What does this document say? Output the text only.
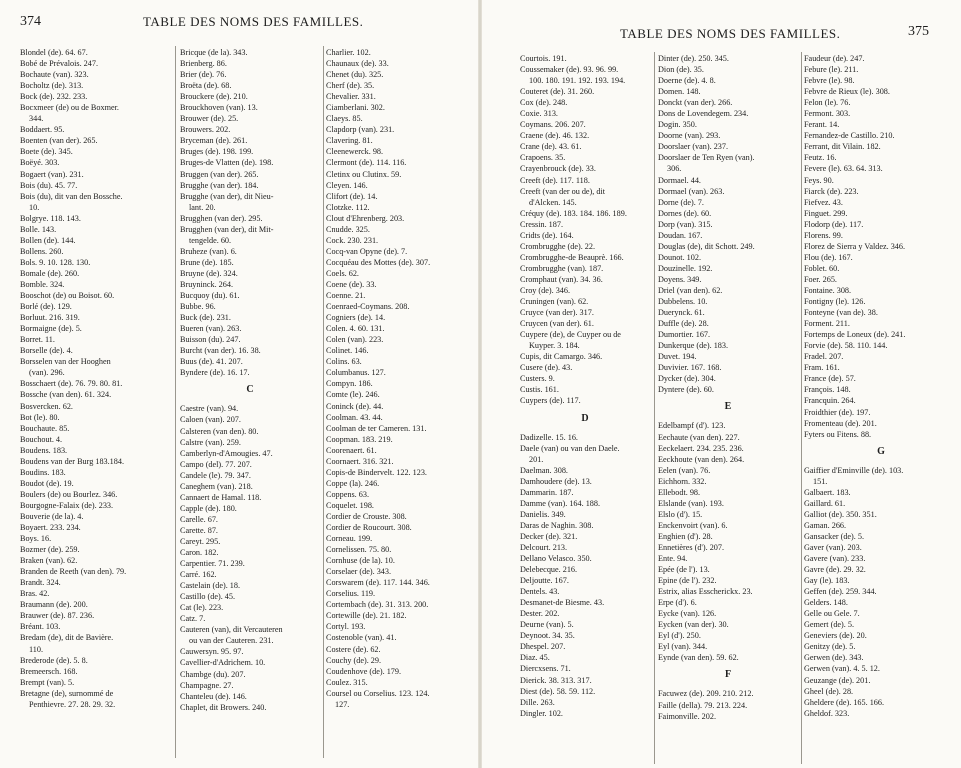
374	TABLE DES NOMS DES FAMILLES.
Blondel (de). 64. 67.
Bobé de Prévalois. 247.
Bochaute (van). 323.
Bocholtz (de). 313.
Bock (de). 232. 233.
Bocxmeer (de) ou de Boxmer.
344.
Boddaert. 95.
Boenten (van der). 265.
Boete (de). 345.
Boëyé. 303.
Bogaert (van). 231.
Bois (du). 45. 77.
Bois (du), dit van den Bossche.
10.
Bolgrye. 118. 143.
Bolle. 143.
Bollen (de). 144.
Bollens. 260.
Bols. 9. 10. 128. 130.
Bomale (de). 260.
Bomble. 324.
Booschot (de) ou Boisot. 60.
Borlé (de). 129.
Borluut. 216. 319.
Bormaigne (de). 5.
Borret. 11.
Borselle (de). 4.
Borsselen van der Hooghen
(van). 296.
Bosschaert (de). 76. 79. 80. 81.
Bossche (van den). 61. 324.
Bosvercken. 62.
Bot (le). 80.
Bouchaute. 85.
Bouchout. 4.
Boudens. 183.
Boudens van der Burg 183.184.
Boudins. 183.
Boudot (de). 19.
Boulers (de) ou Bourlez. 346.
Bourgogne-Falaix (de). 233.
Bouverie (de la). 4.
Boyaert. 233. 234.
Boys. 16.
Bozmer (de). 259.
Braken (van). 62.
Branden de Reeth (van den). 79.
Brandt. 324.
Bras. 42.
Braumann (de). 200.
Brauwer (de). 87. 236.
Bréant. 103.
Bredam (de), dit de Bavière.
110.
Brederode (de). 5. 8.
Bremeersch. 168.
Brempt (van). 5.
Bretagne (de), surnommé de
Penthievre. 27. 28. 29. 32.
Bricque (de la). 343.
Brienberg. 86.
Brier (de). 76.
Broëta (de). 68.
Brouckere (de). 210.
Brouckhoven (van). 13.
Brouwer (de). 25.
Brouwers. 202.
Bryceman (de). 261.
Bruges (de). 198. 199.
Bruges-de Vlatten (de). 198.
Bruggen (van der). 265.
Brugghe (van der). 184.
Brugghe (van der), dit Nieu-
lant. 20.
Brugghen (van der). 295.
Brugghen (van der), dit Mit-
tengelde. 60.
Bruheze (van). 6.
Brune (de). 185.
Bruyne (de). 324.
Bruyninck. 264.
Bucquoy (du). 61.
Bubbe. 96.
Buck (de). 231.
Bueren (van). 263.
Buisson (du). 247.
Burcht (van der). 16. 38.
Buus (de). 41. 207.
Byndere (de). 16. 17.
C
Caestre (van). 94.
Caloen (van). 207.
Calsteren (van den). 80.
Calstre (van). 259.
Camberlyn-d'Amougies. 47.
Campo (del). 77. 207.
Candele (le). 79. 347.
Caneghem (van). 218.
Cannaert de Hamal. 118.
Capple (de). 180.
Carelle. 67.
Carette. 87.
Careyt. 295.
Caron. 182.
Carpentier. 71. 239.
Carré. 162.
Castelain (de). 18.
Castillo (de). 45.
Cat (le). 223.
Catz. 7.
Cauteren (van), dit Vercauteren
ou van der Cauteren. 231.
Cauwersyn. 95. 97.
Cavellier-d'Adrichem. 10.
Chambge (du). 207.
Champagne. 27.
Chanteleu (de). 146.
Chaplet, dit Browers. 240.
Charlier. 102.
Chaunaux (de). 33.
Chenet (du). 325.
Cherf (de). 35.
Chevalier. 331.
Ciamberlani. 302.
Claeys. 85.
Clapdorp (van). 231.
Clavering. 81.
Cleenewerck. 98.
Clermont (de). 114. 116.
Cletinx ou Clutinx. 59.
Cleyen. 146.
Clifort (de). 14.
Clotzke. 112.
Clout d'Ehrenberg. 203.
Cnudde. 325.
Cock. 230. 231.
Cocq-van Opyne (de). 7.
Cocquéau des Mottes (de). 307.
Coels. 62.
Coene (de). 33.
Coenne. 21.
Coenraed-Coymans. 208.
Cogniers (de). 14.
Colen. 4. 60. 131.
Colen (van). 223.
Colinet. 146.
Colins. 63.
Columbanus. 127.
Compyn. 186.
Comte (le). 246.
Coninck (de). 44.
Coolman. 43. 44.
Coolman de ter Cameren. 131.
Coopman. 183. 219.
Coorenaert. 61.
Coornaert. 316. 321.
Copis-de Bindervelt. 122. 123.
Coppe (la). 246.
Coppens. 63.
Coquelet. 198.
Cordier de Crouste. 308.
Cordier de Roucourt. 308.
Corneau. 199.
Cornelissen. 75. 80.
Cornhuse (de la). 10.
Corselaer (de). 343.
Corswarem (de). 117. 144. 346.
Corselius. 119.
Cortembach (de). 31. 313. 200.
Cortewille (de). 21. 182.
Cortyl. 193.
Costenoble (van). 41.
Costere (de). 62.
Couchy (de). 29.
Coudenhove (de). 179.
Coulez. 315.
Coursel ou Corselius. 123. 124.
127.
TABLE DES NOMS DES FAMILLES.	375
Courtois. 191.
Coussemaker (de). 93. 96. 99.
100. 180. 191. 192. 193. 194.
Couteret (de). 31. 260.
Cox (de). 248.
Coxie. 313.
Coymans. 206. 207.
Craene (de). 46. 132.
Crane (de). 43. 61.
Crapoens. 35.
Crayenbrouck (de). 33.
Creeft (de). 117. 118.
Creeft (van der ou de), dit
d'Alcken. 145.
Créquy (de). 183. 184. 186. 189.
Cressin. 187.
Cridts (de). 164.
Crombrugghe (de). 22.
Crombrugghe-de Beauprè. 166.
Crombrugghe (van). 187.
Cromphaut (van). 34. 36.
Croy (de). 346.
Cruningen (van). 62.
Cruyce (van der). 317.
Cruycen (van der). 61.
Cuypere (de), de Cuyper ou de
Kuyper. 3. 184.
Cupis, dit Camargo. 346.
Cusere (de). 43.
Custers. 9.
Custis. 161.
Cuypers (de). 117.
D
Dadizelle. 15. 16.
Daele (van) ou van den Daele.
201.
Daelman. 308.
Damhoudere (de). 13.
Dammarin. 187.
Damme (van). 164. 188.
Danielis. 349.
Daras de Naghin. 308.
Decker (de). 321.
Delcourt. 213.
Dellano Velasco. 350.
Delebecque. 216.
Deljoutte. 167.
Dentels. 43.
Desmanet-de Biesme. 43.
Dester. 202.
Deurne (van). 5.
Deynoot. 34. 35.
Dhespel. 207.
Diaz. 45.
Diercxsens. 71.
Dierick. 38. 313. 317.
Diest (de). 58. 59. 112.
Dille. 263.
Dingler. 102.
Dinter (de). 250. 345.
Dion (de). 35.
Doerne (de). 4. 8.
Domen. 148.
Donckt (van der). 266.
Dons de Lovendegem. 234.
Dogin. 350.
Doorne (van). 293.
Doorslaer (van). 237.
Doorslaer de Ten Ryen (van).
306.
Dormael. 44.
Dormael (van). 263.
Dorne (de). 7.
Dornes (de). 60.
Dorp (van). 315.
Doudan. 167.
Douglas (de), dit Schott. 249.
Dounot. 102.
Douzinelle. 192.
Doyens. 349.
Driel (van den). 62.
Dubbelens. 10.
Duerynck. 61.
Duffle (de). 28.
Dumortier. 167.
Dunkerque (de). 183.
Duvet. 194.
Duvivier. 167. 168.
Dycker (de). 304.
Dyntere (de). 60.
E
Edelbampf (d'). 123.
Eechaute (van den). 227.
Eeckelaert. 234. 235. 236.
Eeckhoute (van den). 264.
Eelen (van). 76.
Eichhorn. 332.
Ellebodt. 98.
Elslande (van). 193.
Elslo (d'). 15.
Enckenvoirt (van). 6.
Enghien (d'). 28.
Ennetières (d'). 207.
Ente. 94.
Epée (de l'). 13.
Epine (de l'). 232.
Estrix, alias Esscherickx. 23.
Erpe (d'). 6.
Eycke (van). 126.
Eycken (van der). 30.
Eyl (d'). 250.
Eyl (van). 344.
Eynde (van den). 59. 62.
F
Facuwez (de). 209. 210. 212.
Faille (della). 79. 213. 224.
Faimonville. 202.
Faudeur (de). 247.
Febure (le). 211.
Febvre (le). 98.
Febvre de Rieux (le). 308.
Felon (le). 76.
Fermont. 303.
Ferant. 14.
Fernandez-de Castillo. 210.
Ferrant, dit Vilain. 182.
Feutz. 16.
Fevere (le). 63. 64. 313.
Feys. 90.
Fiarck (de). 223.
Fiefvez. 43.
Finguet. 299.
Flodorp (de). 117.
Florens. 99.
Florez de Sierra y Valdez. 346.
Flou (de). 167.
Foblet. 60.
Foer. 265.
Fontaine. 308.
Fontigny (le). 126.
Fonteyne (van de). 38.
Forment. 211.
Fortemps de Loneux (de). 241.
Forvie (de). 58. 110. 144.
Fradel. 207.
Fram. 161.
France (de). 57.
François. 148.
Francquin. 264.
Froidthier (de). 197.
Fromenteau (de). 201.
Fyters ou Fitens. 88.
G
Gaiffier d'Eminville (de). 103.
151.
Galbaert. 183.
Gaillard. 61.
Galliot (de). 350. 351.
Gaman. 266.
Gansacker (de). 5.
Gaver (van). 203.
Gavere (van). 233.
Gavre (de). 29. 32.
Gay (le). 183.
Geffen (de). 259. 344.
Gelders. 148.
Gelle ou Gele. 7.
Gemert (de). 5.
Geneviers (de). 20.
Genitzy (de). 5.
Gerwen (de). 343.
Gerwen (van). 4. 5. 12.
Geuzange (de). 201.
Gheel (de). 28.
Gheldere (de). 165. 166.
Gheldof. 323.
